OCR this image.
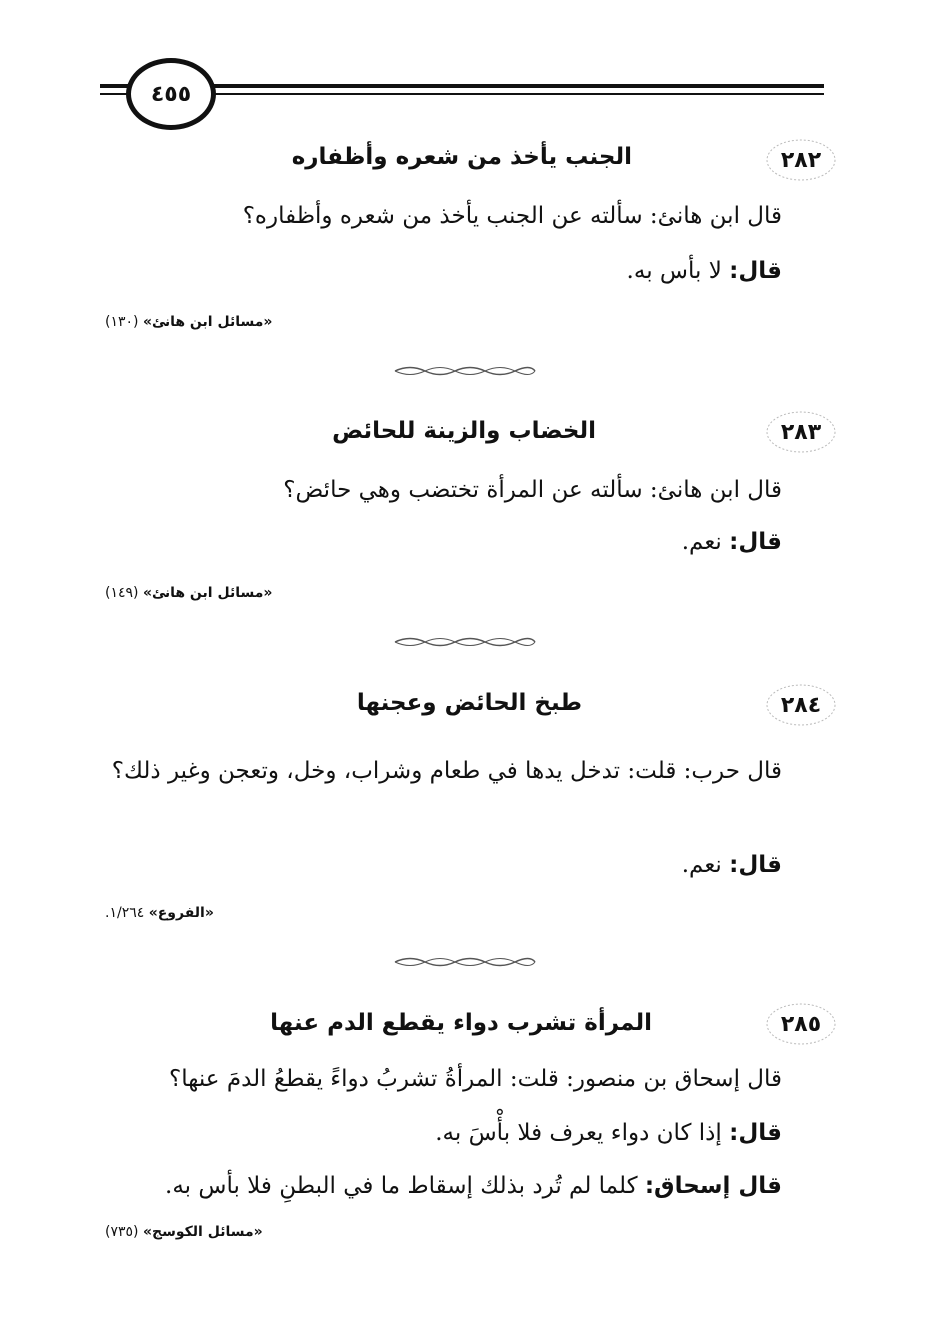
٤٥٥
٢٨٢
الجنب يأخذ من شعره وأظفاره
قال ابن هانئ: سألته عن الجنب يأخذ من شعره وأظفاره؟
قال: لا بأس به.
«مسائل ابن هانئ» (١٣٠)
٢٨٣
الخضاب والزينة للحائض
قال ابن هانئ: سألته عن المرأة تختضب وهي حائض؟
قال: نعم.
«مسائل ابن هانئ» (١٤٩)
٢٨٤
طبخ الحائض وعجنها
قال حرب: قلت: تدخل يدها في طعام وشراب، وخل، وتعجن وغير ذلك؟
قال: نعم.
«الفروع» ١/٢٦٤.
٢٨٥
المرأة تشرب دواء يقطع الدم عنها
قال إسحاق بن منصور: قلت: المرأةُ تشربُ دواءً يقطعُ الدمَ عنها؟
قال: إذا كان دواء يعرف فلا بأْسَ به.
قال إسحاق: كلما لم تُرد بذلك إسقاط ما في البطنِ فلا بأس به.
«مسائل الكوسج» (٧٣٥)
